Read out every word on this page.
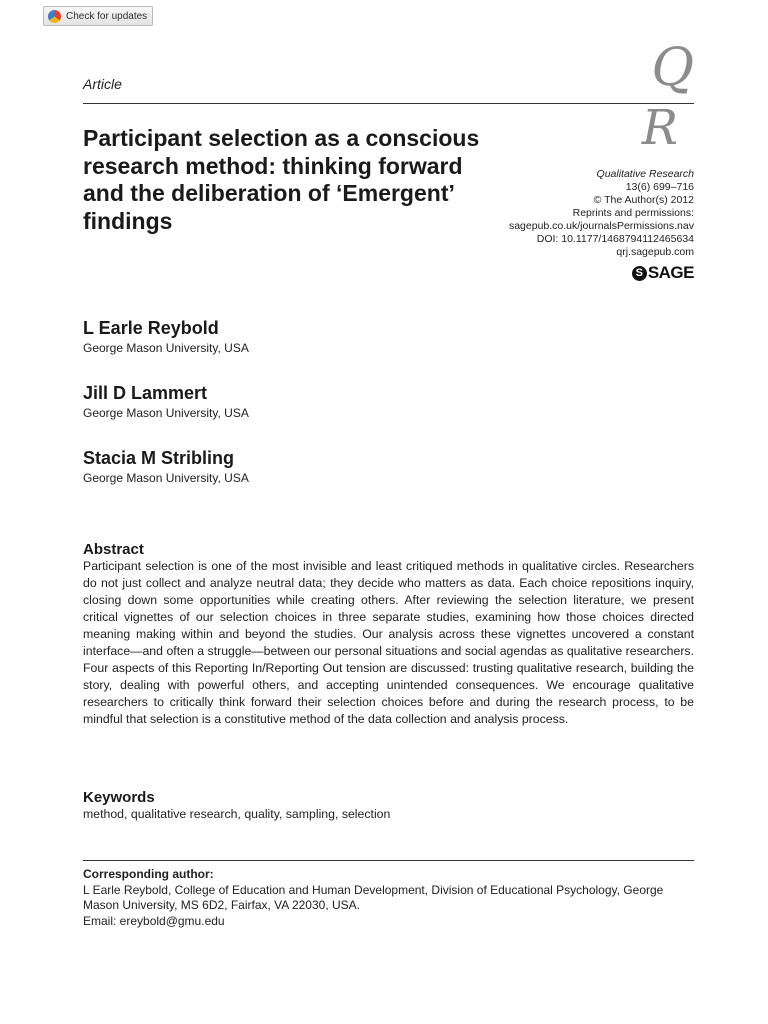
Check for updates
Article	Q
R
Participant selection as a conscious research method: thinking forward and the deliberation of ‘Emergent’ findings
Qualitative Research
13(6) 699–716
© The Author(s) 2012
Reprints and permissions:
sagepub.co.uk/journalsPermissions.nav
DOI: 10.1177/1468794112465634
qrj.sagepub.com
S SAGE
L Earle Reybold
George Mason University, USA
Jill D Lammert
George Mason University, USA
Stacia M Stribling
George Mason University, USA
Abstract

Participant selection is one of the most invisible and least critiqued methods in qualitative circles. Researchers do not just collect and analyze neutral data; they decide who matters as data. Each choice repositions inquiry, closing down some opportunities while creating others. After reviewing the selection literature, we present critical vignettes of our selection choices in three separate studies, examining how those choices directed meaning making within and beyond the studies. Our analysis across these vignettes uncovered a constant interface—and often a struggle—between our personal situations and social agendas as qualitative researchers. Four aspects of this Reporting In/Reporting Out tension are discussed: trusting qualitative research, building the story, dealing with powerful others, and accepting unintended consequences. We encourage qualitative researchers to critically think forward their selection choices before and during the research process, to be mindful that selection is a constitutive method of the data collection and analysis process.

Keywords
method, qualitative research, quality, sampling, selection
Corresponding author:
L Earle Reybold, College of Education and Human Development, Division of Educational Psychology, George Mason University, MS 6D2, Fairfax, VA 22030, USA.
Email: ereybold@gmu.edu
